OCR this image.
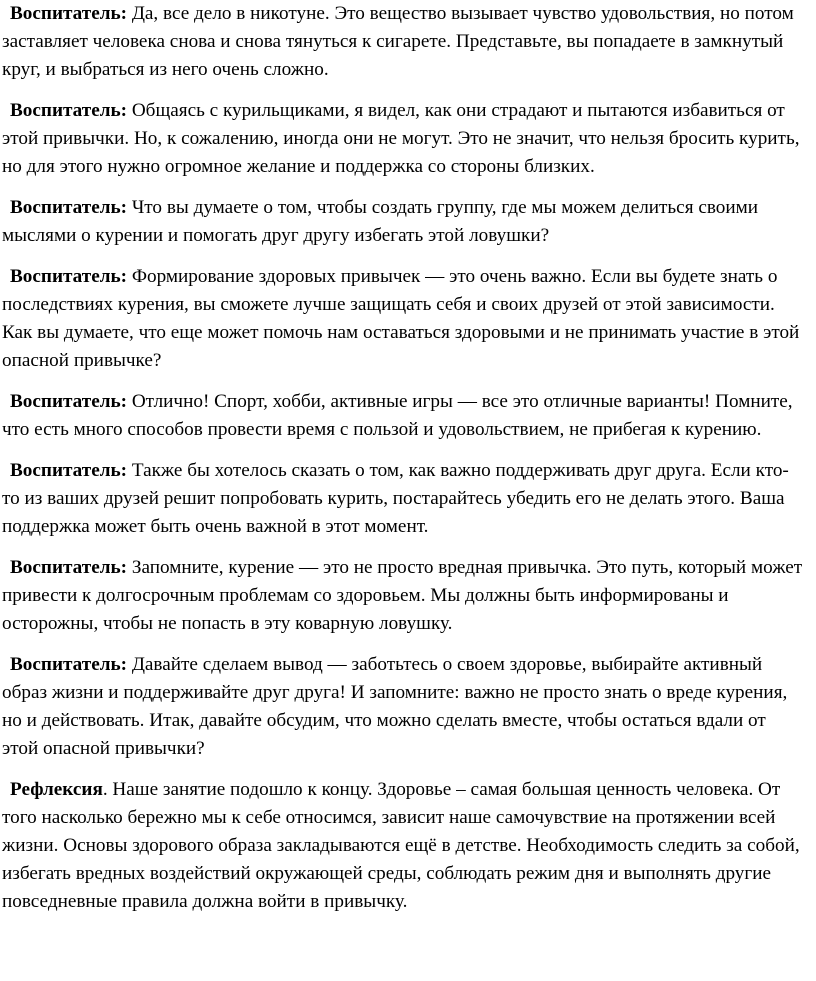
Воспитатель: Да, все дело в никотуне. Это вещество вызывает чувство удовольствия, но потом заставляет человека снова и снова тянуться к сигарете. Представьте, вы попадаете в замкнутый круг, и выбраться из него очень сложно.

Воспитатель: Общаясь с курильщиками, я видел, как они страдают и пытаются избавиться от этой привычки. Но, к сожалению, иногда они не могут. Это не значит, что нельзя бросить курить, но для этого нужно огромное желание и поддержка со стороны близких.

Воспитатель: Что вы думаете о том, чтобы создать группу, где мы можем делиться своими мыслями о курении и помогать друг другу избегать этой ловушки?

Воспитатель: Формирование здоровых привычек — это очень важно. Если вы будете знать о последствиях курения, вы сможете лучше защищать себя и своих друзей от этой зависимости. Как вы думаете, что еще может помочь нам оставаться здоровыми и не принимать участие в этой опасной привычке?

Воспитатель: Отлично! Спорт, хобби, активные игры — все это отличные варианты! Помните, что есть много способов провести время с пользой и удовольствием, не прибегая к курению.

Воспитатель: Также бы хотелось сказать о том, как важно поддерживать друг друга. Если кто-то из ваших друзей решит попробовать курить, постарайтесь убедить его не делать этого. Ваша поддержка может быть очень важной в этот момент.

Воспитатель: Запомните, курение — это не просто вредная привычка. Это путь, который может привести к долгосрочным проблемам со здоровьем. Мы должны быть информированы и осторожны, чтобы не попасть в эту коварную ловушку.

Воспитатель: Давайте сделаем вывод — заботьтесь о своем здоровье, выбирайте активный образ жизни и поддерживайте друг друга! И запомните: важно не просто знать о вреде курения, но и действовать. Итак, давайте обсудим, что можно сделать вместе, чтобы остаться вдали от этой опасной привычки?

Рефлексия. Наше занятие подошло к концу. Здоровье – самая большая ценность человека. От того насколько бережно мы к себе относимся, зависит наше самочувствие на протяжении всей жизни. Основы здорового образа закладываются ещё в детстве. Необходимость следить за собой, избегать вредных воздействий окружающей среды, соблюдать режим дня и выполнять другие повседневные правила должна войти в привычку.
